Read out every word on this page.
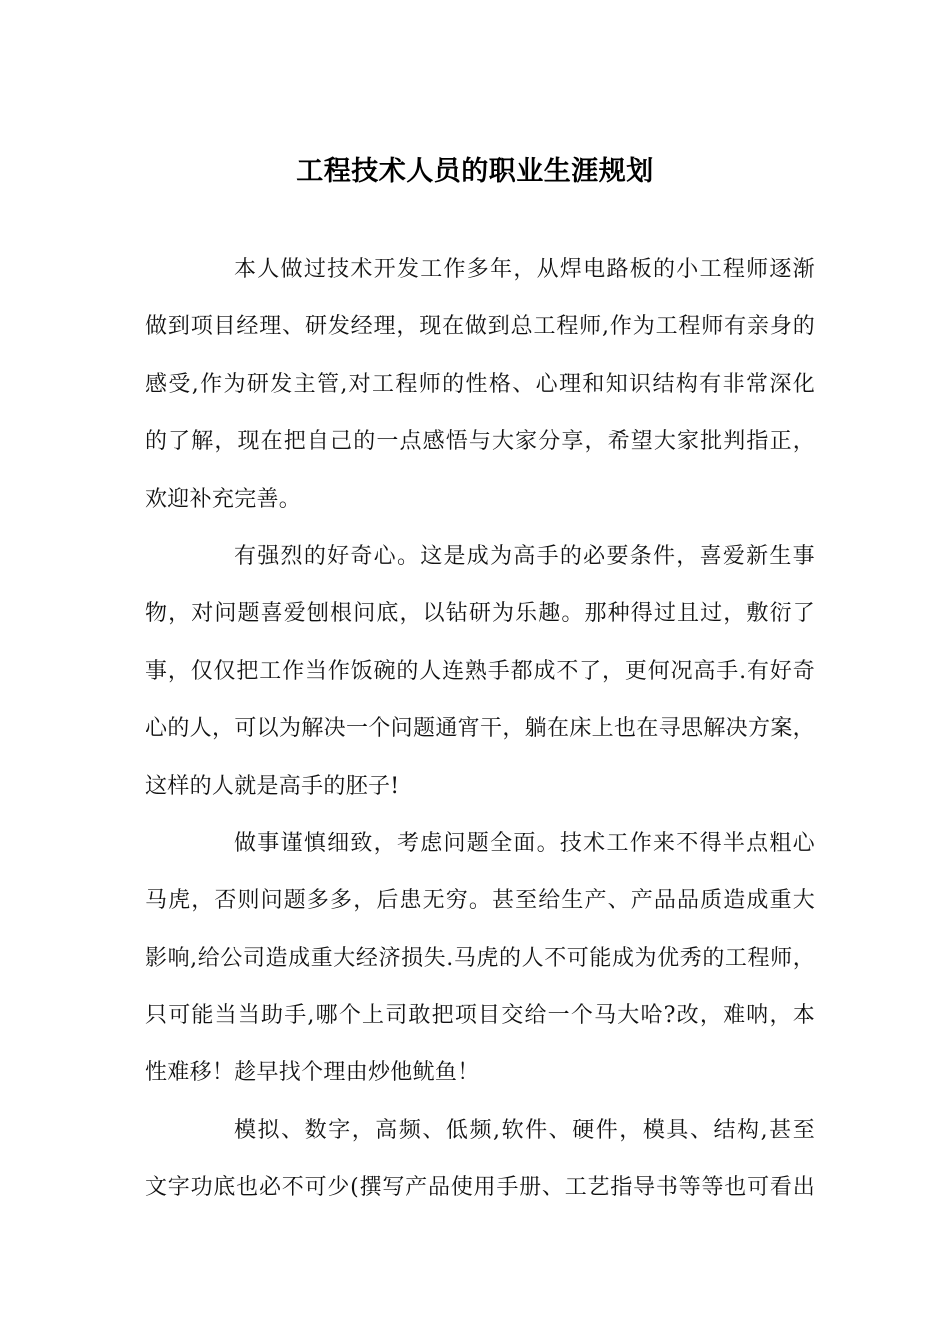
工程技术人员的职业生涯规划
本人做过技术开发工作多年，从焊电路板的小工程师逐渐
做到项目经理、研发经理，现在做到总工程师,作为工程师有亲身的
感受,作为研发主管,对工程师的性格、心理和知识结构有非常深化
的了解，现在把自己的一点感悟与大家分享，希望大家批判指正，
欢迎补充完善。
有强烈的好奇心。这是成为高手的必要条件，喜爱新生事
物，对问题喜爱刨根问底，以钻研为乐趣。那种得过且过，敷衍了
事，仅仅把工作当作饭碗的人连熟手都成不了，更何况高手.有好奇
心的人，可以为解决一个问题通宵干，躺在床上也在寻思解决方案，
这样的人就是高手的胚子!
做事谨慎细致，考虑问题全面。技术工作来不得半点粗心
马虎，否则问题多多，后患无穷。甚至给生产、产品品质造成重大
影响,给公司造成重大经济损失.马虎的人不可能成为优秀的工程师，
只可能当当助手,哪个上司敢把项目交给一个马大哈?改，难呐，本
性难移！趁早找个理由炒他鱿鱼！
模拟、数字，高频、低频,软件、硬件，模具、结构,甚至
文字功底也必不可少(撰写产品使用手册、工艺指导书等等也可看出
